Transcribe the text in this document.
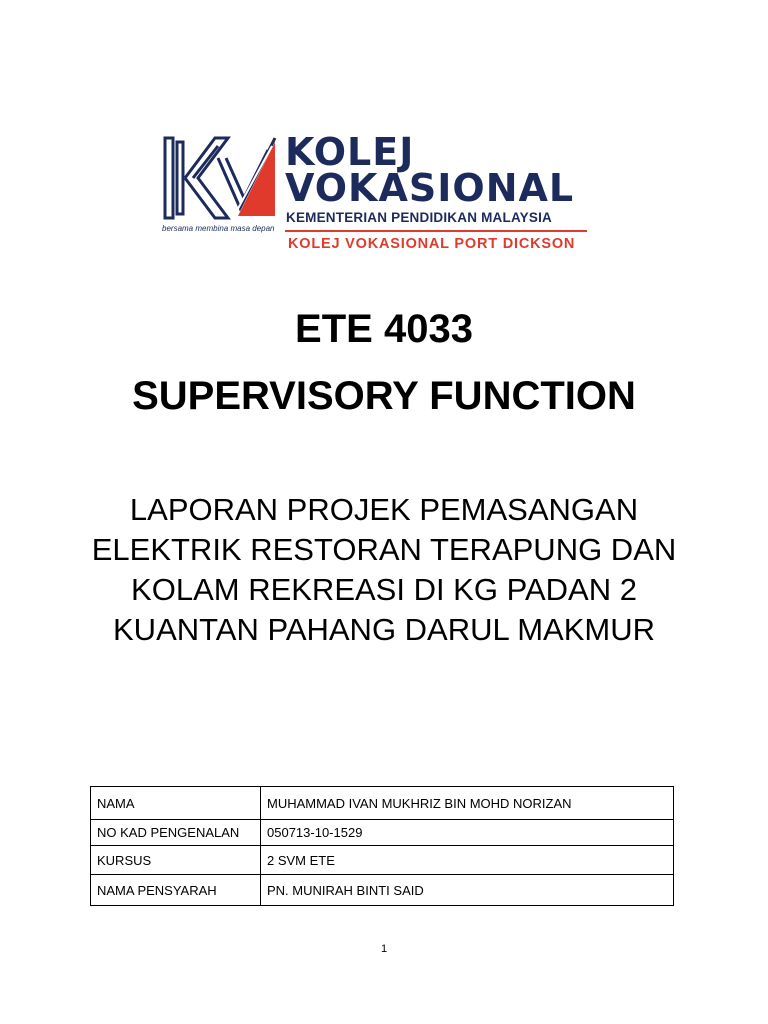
KOLEJ
VOKASIONAL
KEMENTERIAN PENDIDIKAN MALAYSIA
bersama membina masa depan
KOLEJ VOKASIONAL PORT DICKSON
ETE 4033
SUPERVISORY FUNCTION
LAPORAN PROJEK PEMASANGAN ELEKTRIK RESTORAN TERAPUNG DAN KOLAM REKREASI DI KG PADAN 2 KUANTAN PAHANG DARUL MAKMUR
NAMA	MUHAMMAD IVAN MUKHRIZ BIN MOHD NORIZAN
NO KAD PENGENALAN	050713-10-1529
KURSUS	2 SVM ETE
NAMA PENSYARAH	PN. MUNIRAH BINTI SAID
1
